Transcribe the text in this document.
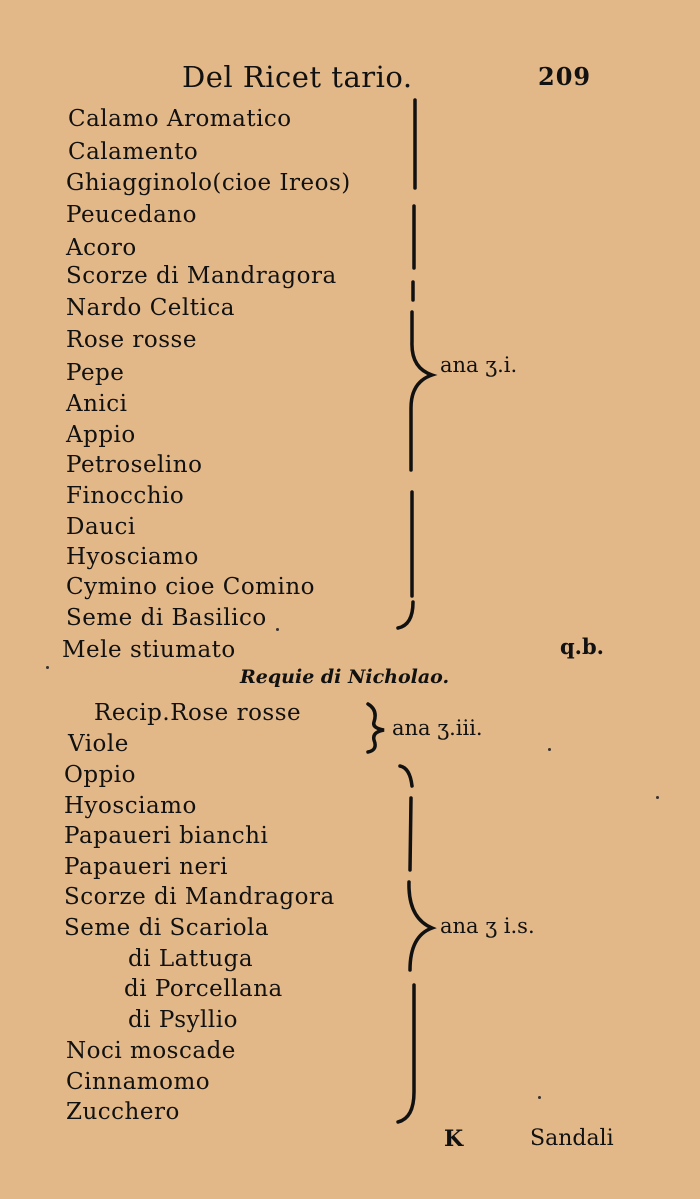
Del Ricet tario.	209
Calamo Aromatico
Calamento
Ghiagginolo(cioe Ireos)
Peucedano
Acoro
Scorze di Mandragora
Nardo Celtica
Rose rosse
Pepe
Anici
Appio
Petroselino
Finocchio
Dauci
Hyosciamo
Cymino cioe Comino
Seme di Basilico
Mele stiumato
ana ʒ.i.
q.b.
Requie di Nicholao.
Recip.Rose rosse
Viole
ana ʒ.iii.
Oppio
Hyosciamo
Papaueri bianchi
Papaueri neri
Scorze di Mandragora
Seme di Scariola
di Lattuga
di Porcellana
di Psyllio
Noci moscade
Cinnamomo
Zucchero
ana ʒ i.s.
K	Sandali
